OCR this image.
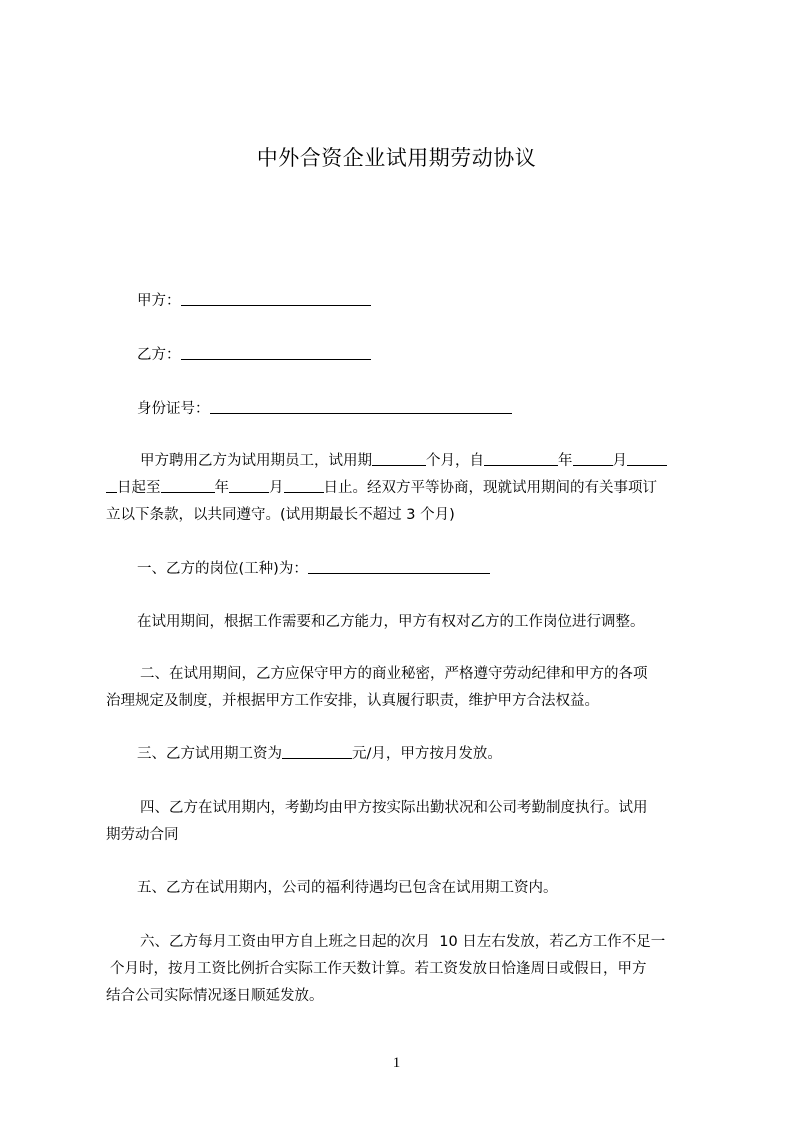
中外合资企业试用期劳动协议

甲方：

乙方：

身份证号：

甲方聘用乙方为试用期员工，试用期	个月，自	年	月

日起至	年	月	日止。经双方平等协商，现就试用期间的有关事项订

立以下条款，以共同遵守。(试用期最长不超过 3 个月)

一、乙方的岗位(工种)为：

在试用期间，根据工作需要和乙方能力，甲方有权对乙方的工作岗位进行调整。

二、在试用期间，乙方应保守甲方的商业秘密，严格遵守劳动纪律和甲方的各项

治理规定及制度，并根据甲方工作安排，认真履行职责，维护甲方合法权益。

三、乙方试用期工资为	元/月，甲方按月发放。

四、乙方在试用期内，考勤均由甲方按实际出勤状况和公司考勤制度执行。试用

期劳动合同

五、乙方在试用期内，公司的福利待遇均已包含在试用期工资内。

六、乙方每月工资由甲方自上班之日起的次月  10 日左右发放，若乙方工作不足一

个月时，按月工资比例折合实际工作天数计算。若工资发放日恰逢周日或假日，甲方

结合公司实际情况逐日顺延发放。

1
